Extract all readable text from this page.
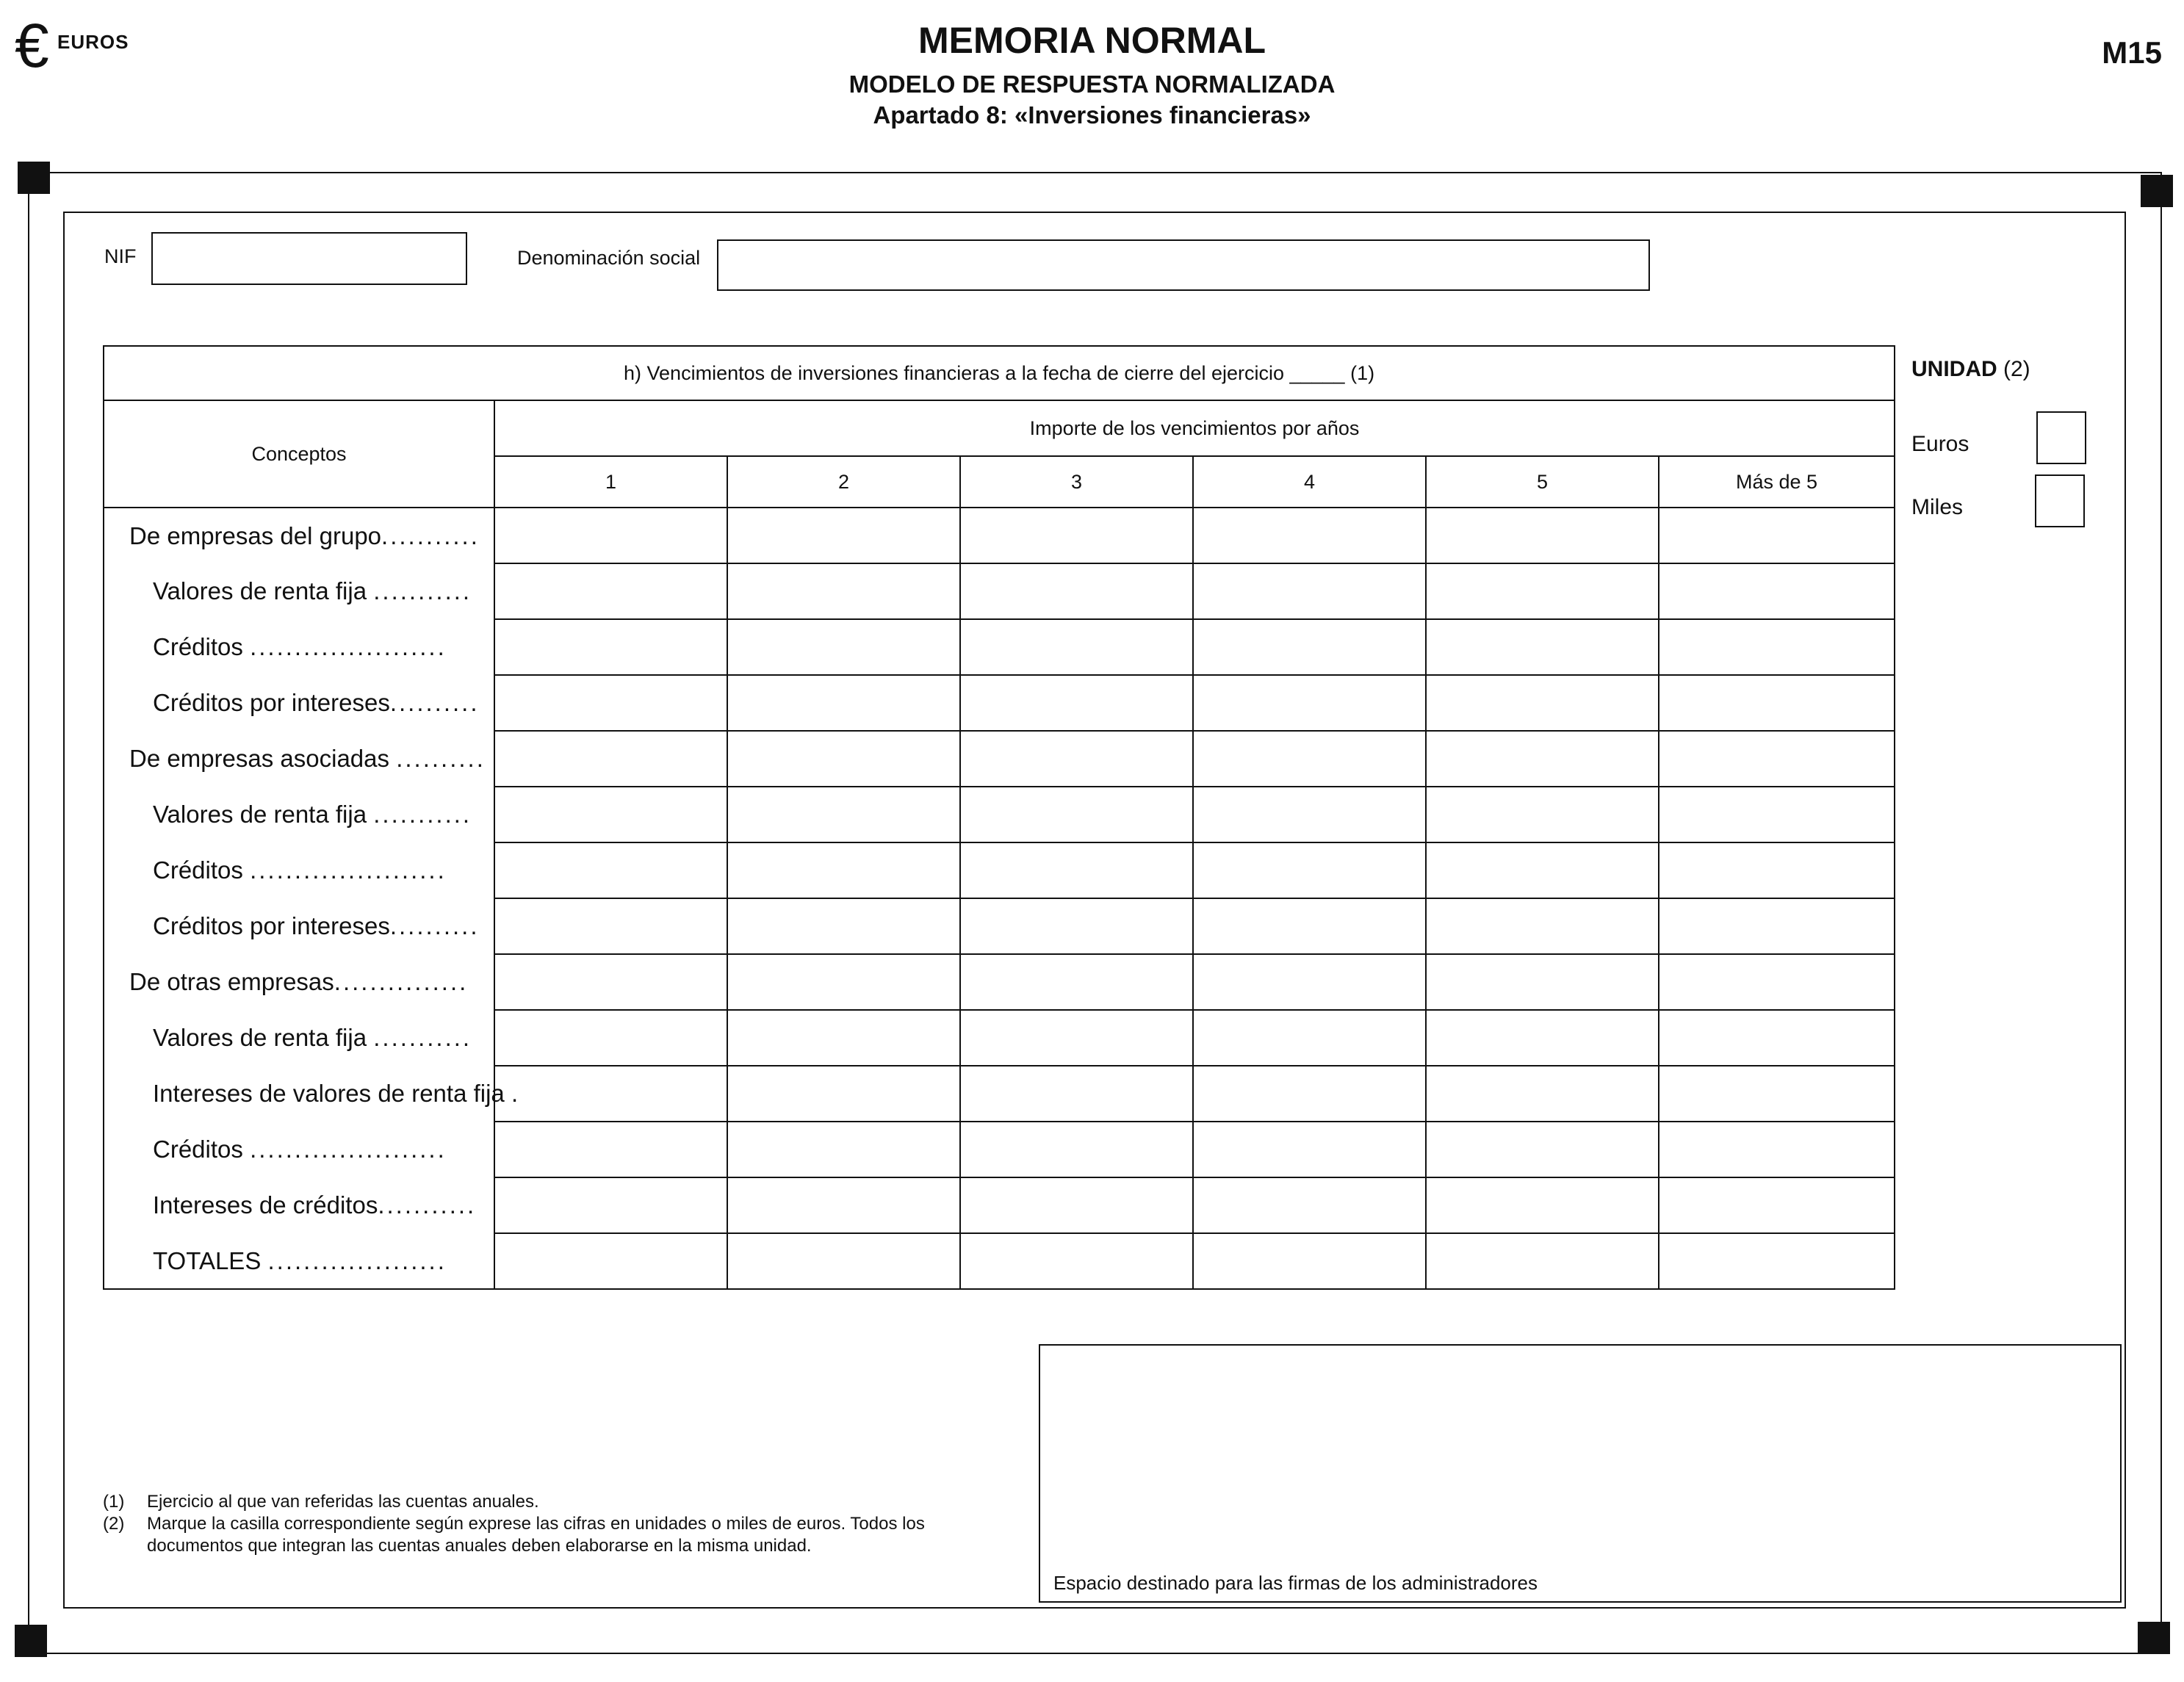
€ EUROS	MEMORIA NORMAL
MODELO DE RESPUESTA NORMALIZADA
Apartado 8: «Inversiones financieras»
M15
NIF	Denominación social
h) Vencimientos de inversiones financieras a la fecha de cierre del ejercicio _____ (1)						
Conceptos	Importe de los vencimientos por años					
	1	2	3	4	5	Más de 5
De empresas del grupo...........						
Valores de renta fija ...........						
Créditos ......................						
Créditos por intereses..........						
De empresas asociadas ..........						
Valores de renta fija ...........						
Créditos ......................						
Créditos por intereses..........						
De otras empresas...............						
Valores de renta fija ...........						
Intereses de valores de renta fija .						
Créditos ......................						
Intereses de créditos...........						
TOTALES ....................						
UNIDAD (2)
Euros
Miles
(1)	Ejercicio al que van referidas las cuentas anuales.
(2)	Marque la casilla correspondiente según exprese las cifras en unidades o miles de euros. Todos los documentos que integran las cuentas anuales deben elaborarse en la misma unidad.
Espacio destinado para las firmas de los administradores
